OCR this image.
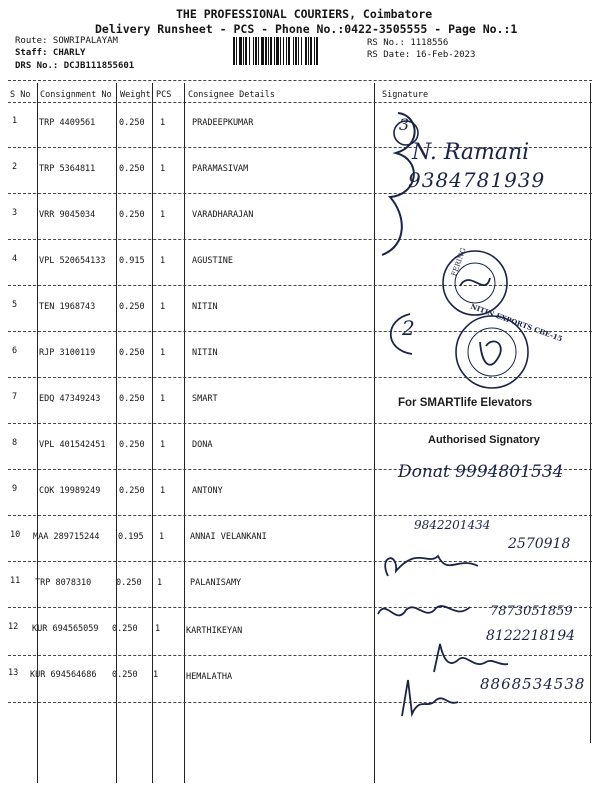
THE PROFESSIONAL COURIERS, Coimbatore
Delivery Runsheet - PCS - Phone No.:0422-3505555 - Page No.:1
Route: SOWRIPALAYAM
Staff: CHARLY
DRS No.: DCJB111855601
RS No.: 1118556
RS Date: 16-Feb-2023
S No Consignment No Weight PCS Consignee Details	Signature
1	TRP 4409561	0.250 1	PRADEEPKUMAR
2	TRP 5364811	0.250 1	PARAMASIVAM
3	VRR 9045034	0.250 1	VARADHARAJAN
4	VPL 520654133 0.915 1	AGUSTINE
5	TEN 1968743	0.250 1	NITIN
6	RJP 3100119	0.250 1	NITIN
7	EDQ 47349243 0.250 1	SMART
8	VPL 401542451 0.250 1	DONA
9	COK 19989249 0.250 1	ANTONY
10 MAA 289715244 0.195 1	ANNAI VELANKANI
11 TRP 8078310	0.250 1	PALANISAMY
12 KUR 694565059 0.250 1	KARTHIKEYAN
13 KUR 694564686 0.250 1	HEMALATHA
3
N. Ramani
9384781939
FERING
NITIN EXPORTS CBE-15
2
For SMARTlife Elevators
Authorised Signatory
Donat 9994801534
9842201434
2570918
7873051859
8122218194
8868534538
